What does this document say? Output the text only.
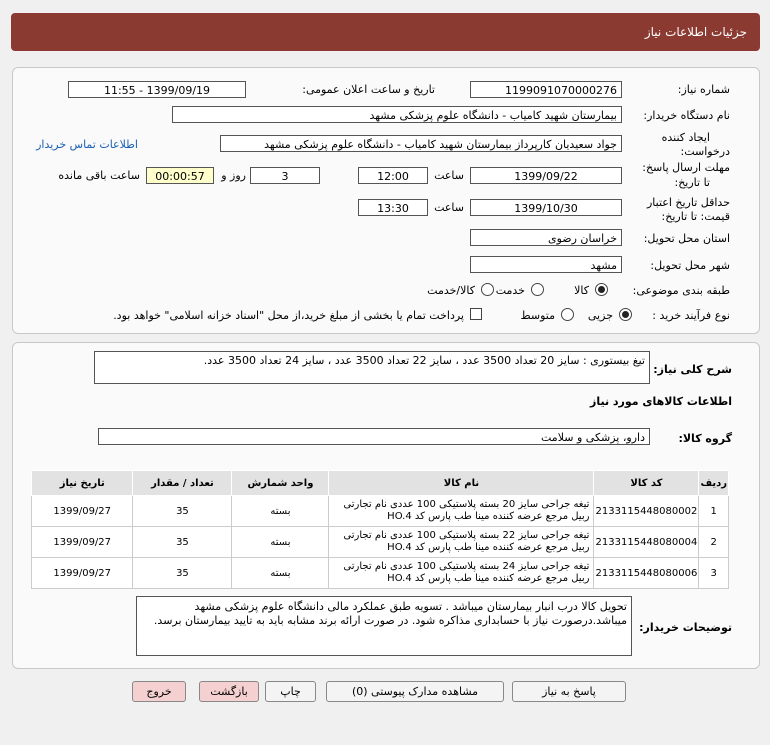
جزئیات اطلاعات نیاز
شماره نیاز:
1199091070000276
تاریخ و ساعت اعلان عمومی:
1399/09/19 - 11:55
نام دستگاه خریدار:
بیمارستان شهید کامیاب - دانشگاه علوم پزشکی مشهد
ایجاد کننده
درخواست:
جواد سعیدیان کارپرداز بیمارستان شهید کامیاب - دانشگاه علوم پزشکی مشهد
اطلاعات تماس خریدار
مهلت ارسال پاسخ:
تا تاریخ:
1399/09/22
ساعت
12:00
3
روز و
00:00:57
ساعت باقی مانده
حداقل تاریخ اعتبار
قیمت: تا تاریخ:
1399/10/30
ساعت
13:30
استان محل تحویل:
خراسان رضوی
شهر محل تحویل:
مشهد
طبقه بندی موضوعی:
کالا
خدمت
کالا/خدمت
نوع فرآیند خرید :
جزیی
متوسط
پرداخت تمام یا بخشی از مبلغ خرید،از محل "اسناد خزانه اسلامی" خواهد بود.
شرح کلی نیاز:
تیغ بیستوری : سایز 20 تعداد 3500 عدد ، سایز 22 تعداد 3500 عدد ، سایز 24 تعداد 3500 عدد.
اطلاعات کالاهای مورد نیاز
گروه کالا:
دارو، پزشکی و سلامت
ردیف	کد کالا	نام کالا	واحد شمارش	تعداد / مقدار	تاریخ نیاز
1	2133115448080002	تیغه جراحی سایز 20 بسته پلاستیکی 100 عددی نام تجارتی ربیل مرجع عرضه کننده مینا طب پارس کد HO.4	بسته	35	1399/09/27
2	2133115448080004	تیغه جراحی سایز 22 بسته پلاستیکی 100 عددی نام تجارتی ربیل مرجع عرضه کننده مینا طب پارس کد HO.4	بسته	35	1399/09/27
3	2133115448080006	تیغه جراحی سایز 24 بسته پلاستیکی 100 عددی نام تجارتی ربیل مرجع عرضه کننده مینا طب پارس کد HO.4	بسته	35	1399/09/27
توضیحات خریدار:
تحویل کالا درب انبار بیمارستان میباشد . تسویه طبق عملکرد مالی دانشگاه علوم پزشکی مشهد میباشد.درصورت نیاز با حسابداری مذاکره شود. در صورت ارائه برند مشابه باید به تایید بیمارستان برسد.
پاسخ به نیاز
مشاهده مدارک پیوستی (0)
چاپ
بازگشت
خروج
